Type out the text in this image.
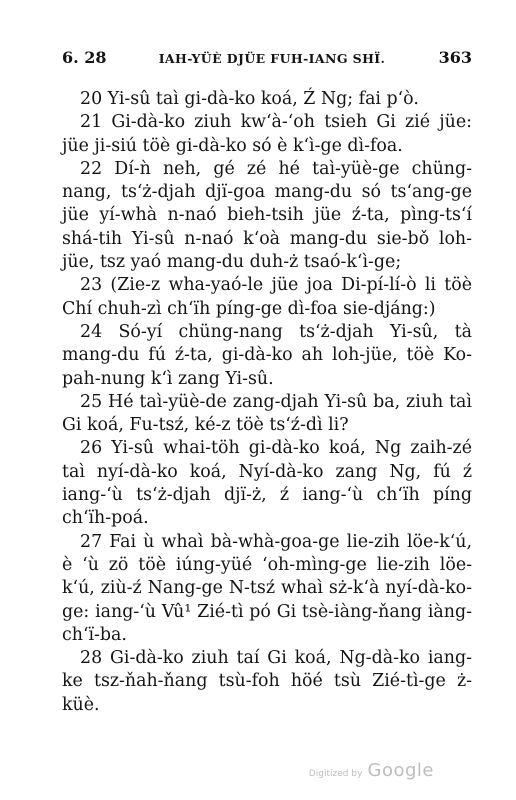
6. 28	IAH-YÜÈ DJÜE FUH-IANG SHÏ.	363

20 Yi-sû taì gi-dà-ko koá, Ź Ng; fai p‘ò.

21 Gi-dà-ko ziuh kw‘à-‘oh tsieh Gi zié jüe: jüe ji-siú töè gi-dà-ko só è k‘ì-ge dì-foa.

22 Dí-ǹ neh, gé zé hé taì-yüè-ge chüng-nang, ts‘ż-djah djï-goa mang-du só ts‘ang-ge jüe yí-whà n-naó bieh-tsih jüe ź-ta, pìng-ts‘í shá-tih Yi-sû n-naó k‘oà mang-du sie-bǒ loh-jüe, tsz yaó mang-du duh-ż tsaó-k‘ì-ge;

23 (Zie-z wha-yaó-le jüe joa Di-pí-lí-ò li töè Chí chuh-zì ch‘ïh píng-ge dì-foa sie-djáng:)

24 Só-yí chüng-nang ts‘ż-djah Yi-sû, tà mang-du fú ź-ta, gi-dà-ko ah loh-jüe, töè Ko-pah-nung k‘ì zang Yi-sû.

25 Hé taì-yüè-de zang-djah Yi-sû ba, ziuh taì Gi koá, Fu-tsź, ké-z töè ts‘ź-dì li?

26 Yi-sû whai-töh gi-dà-ko koá, Ng zaih-zé taì nyí-dà-ko koá, Nyí-dà-ko zang Ng, fú ź iang-‘ù ts‘ż-djah djï-ż, ź iang-‘ù ch‘ïh píng ch‘ïh-poá.

27 Fai ù whaì bà-whà-goa-ge lie-zih löe-k‘ú, è ‘ù zö töè iúng-yüé ‘oh-mìng-ge lie-zih löe-k‘ú, ziù-ź Nang-ge N-tsź whaì sż-k‘à nyí-dà-ko-ge: iang-‘ù Vû¹ Zié-tì pó Gi tsè-iàng-ňang iàng-ch‘ï-ba.

28 Gi-dà-ko ziuh taí Gi koá, Ng-dà-ko iang-ke tsz-ňah-ňang tsù-foh höé tsù Zié-tì-ge ż-küè.

Digitized by Google
